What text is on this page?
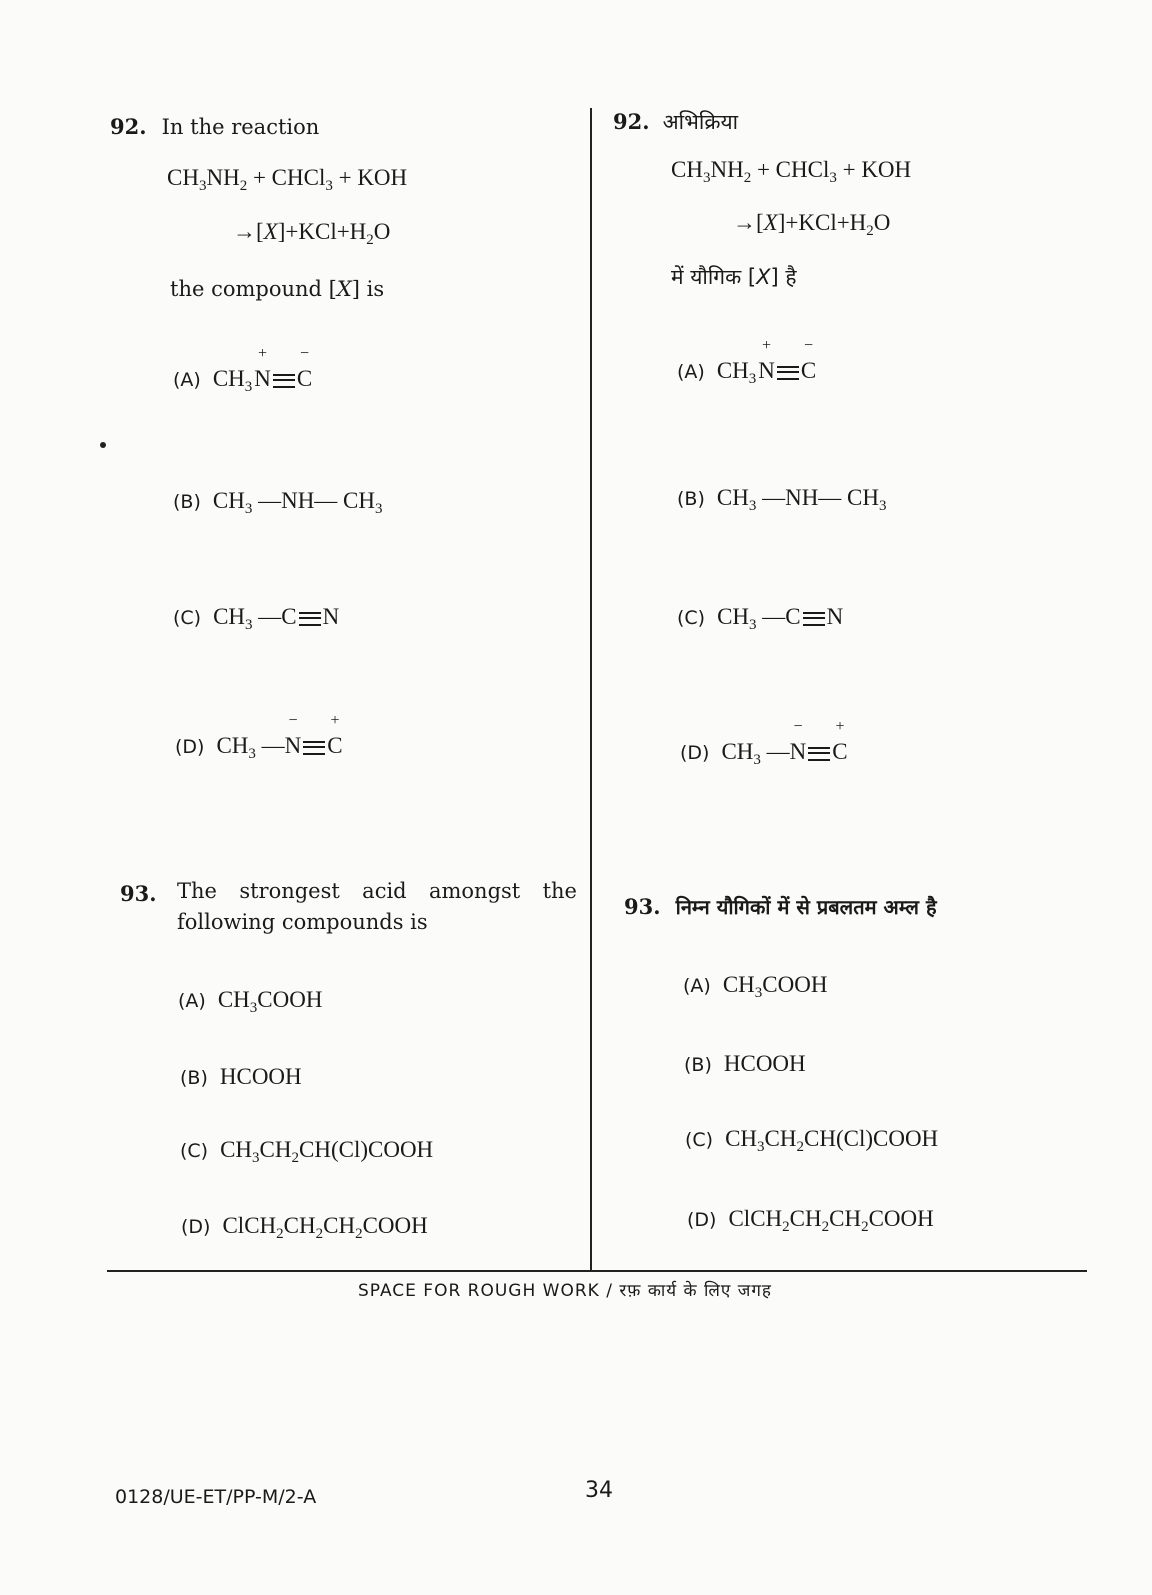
92. In the reaction
$CH_3NH_2$ + CHCl$_3$ + KOH
$\to[X]+KCl+H_2O$
the compound [X] is
(A) $CH_3$ N
+
C
−
(B) $CH_3$ —NH— $CH_3$
(C) $CH_3$ —C N
(D) $CH_3$ —N
−
C
+
93. The strongest acid amongst the
following compounds is
(A) $CH_3COOH$
(B) HCOOH
(C) $CH_3CH_2CH(Cl)COOH$
(D) $ClCH_2CH_2CH_2COOH$
92. अभिक्रिया
$CH_3NH_2$ + CHCl$_3$ + KOH
$\to[X]+KCl+H_2O$
में यौगिक [X] है
(A) $CH_3$ N
+
C
−
(B) $CH_3$ —NH— $CH_3$
(C) $CH_3$ —C N
(D) $CH_3$ —N
−
C
+
93. निम्न यौगिकों में से प्रबलतम अम्ल है
(A) $CH_3COOH$
(B) HCOOH
(C) $CH_3CH_2CH(Cl)COOH$
(D) $ClCH_2CH_2CH_2COOH$
SPACE FOR ROUGH WORK / रफ़ कार्य के लिए जगह
34
0128/UE-ET/PP-M/2-A
